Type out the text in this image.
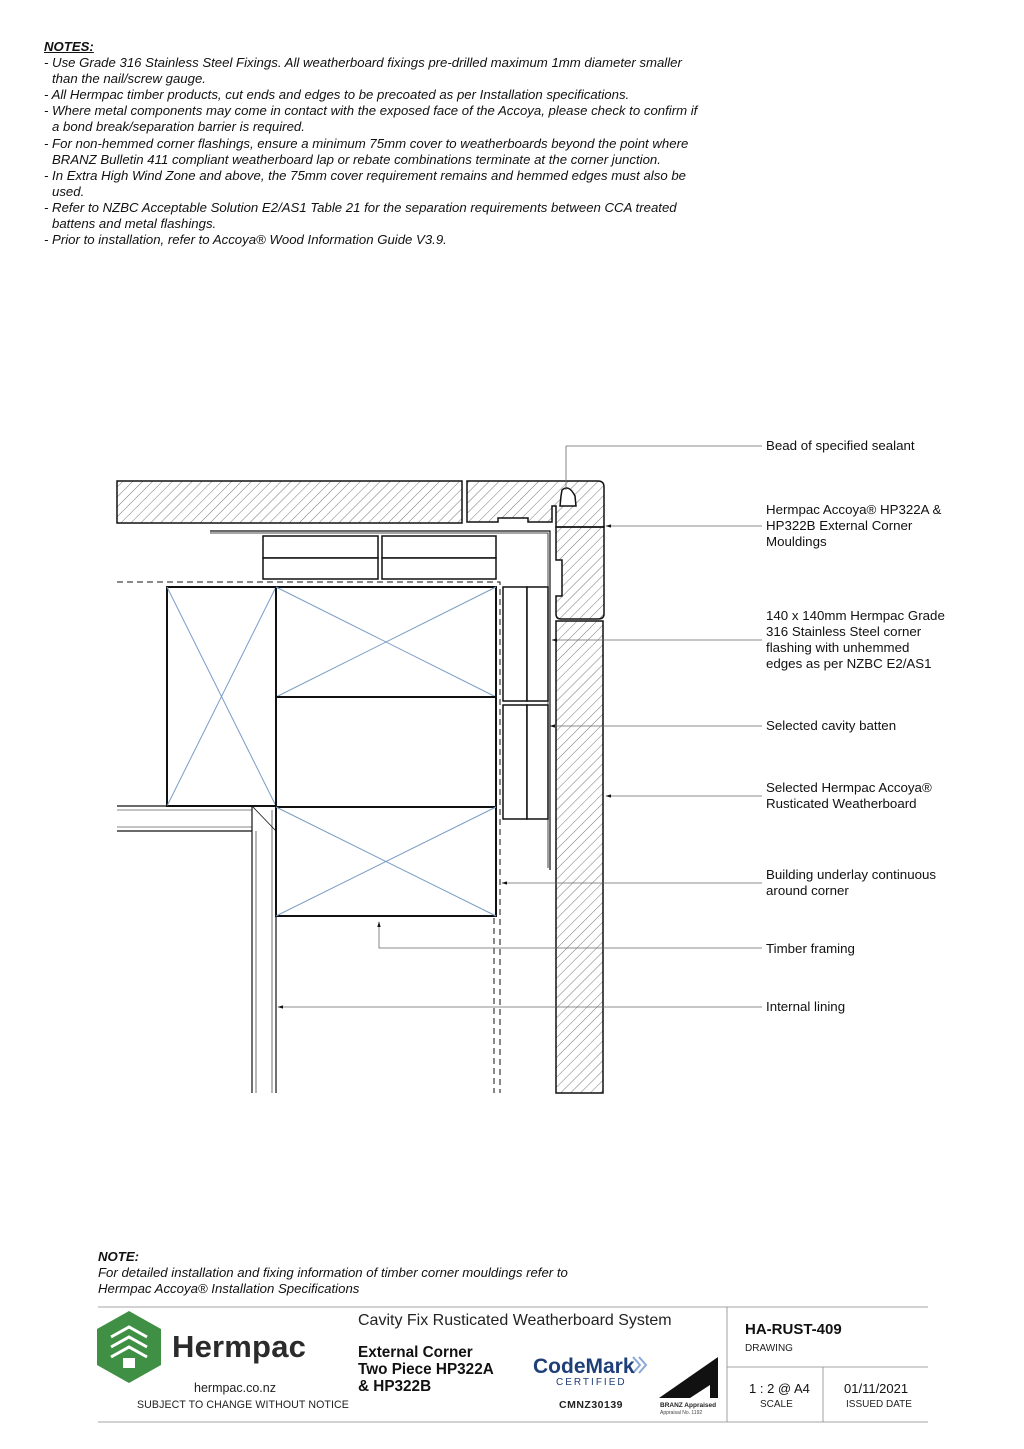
NOTES:
- Use Grade 316 Stainless Steel Fixings. All weatherboard fixings pre-drilled maximum 1mm diameter smaller than the nail/screw gauge.
- All Hermpac timber products, cut ends and edges to be precoated as per Installation specifications.
- Where metal components may come in contact with the exposed face of the Accoya, please check to confirm if a bond break/separation barrier is required.
- For non-hemmed corner flashings, ensure a minimum 75mm cover to weatherboards beyond the point where BRANZ Bulletin 411 compliant weatherboard lap or rebate combinations terminate at the corner junction.
- In Extra High Wind Zone and above, the 75mm cover requirement remains and hemmed edges must also be used.
- Refer to NZBC Acceptable Solution E2/AS1 Table 21 for the separation requirements between CCA treated battens and metal flashings.
- Prior to installation, refer to Accoya® Wood Information Guide V3.9.
Bead of specified sealant
Hermpac Accoya® HP322A &
HP322B External Corner
Mouldings
140 x 140mm Hermpac Grade
316 Stainless Steel corner
flashing with unhemmed
edges as per NZBC E2/AS1
Selected cavity batten
Selected Hermpac Accoya®
Rusticated Weatherboard
Building underlay continuous
around corner
Timber framing
Internal lining
NOTE:
For detailed installation and fixing information of timber corner mouldings refer to
Hermpac Accoya® Installation Specifications
Hermpac
hermpac.co.nz
SUBJECT TO CHANGE WITHOUT NOTICE
Cavity Fix Rusticated Weatherboard System
External Corner
Two Piece HP322A
& HP322B
CodeMark
CERTIFIED
CMNZ30139	BRANZ Appraised
Appraisal No. 1192
HA-RUST-409
DRAWING
1 : 2 @ A4
SCALE
01/11/2021
ISSUED DATE
